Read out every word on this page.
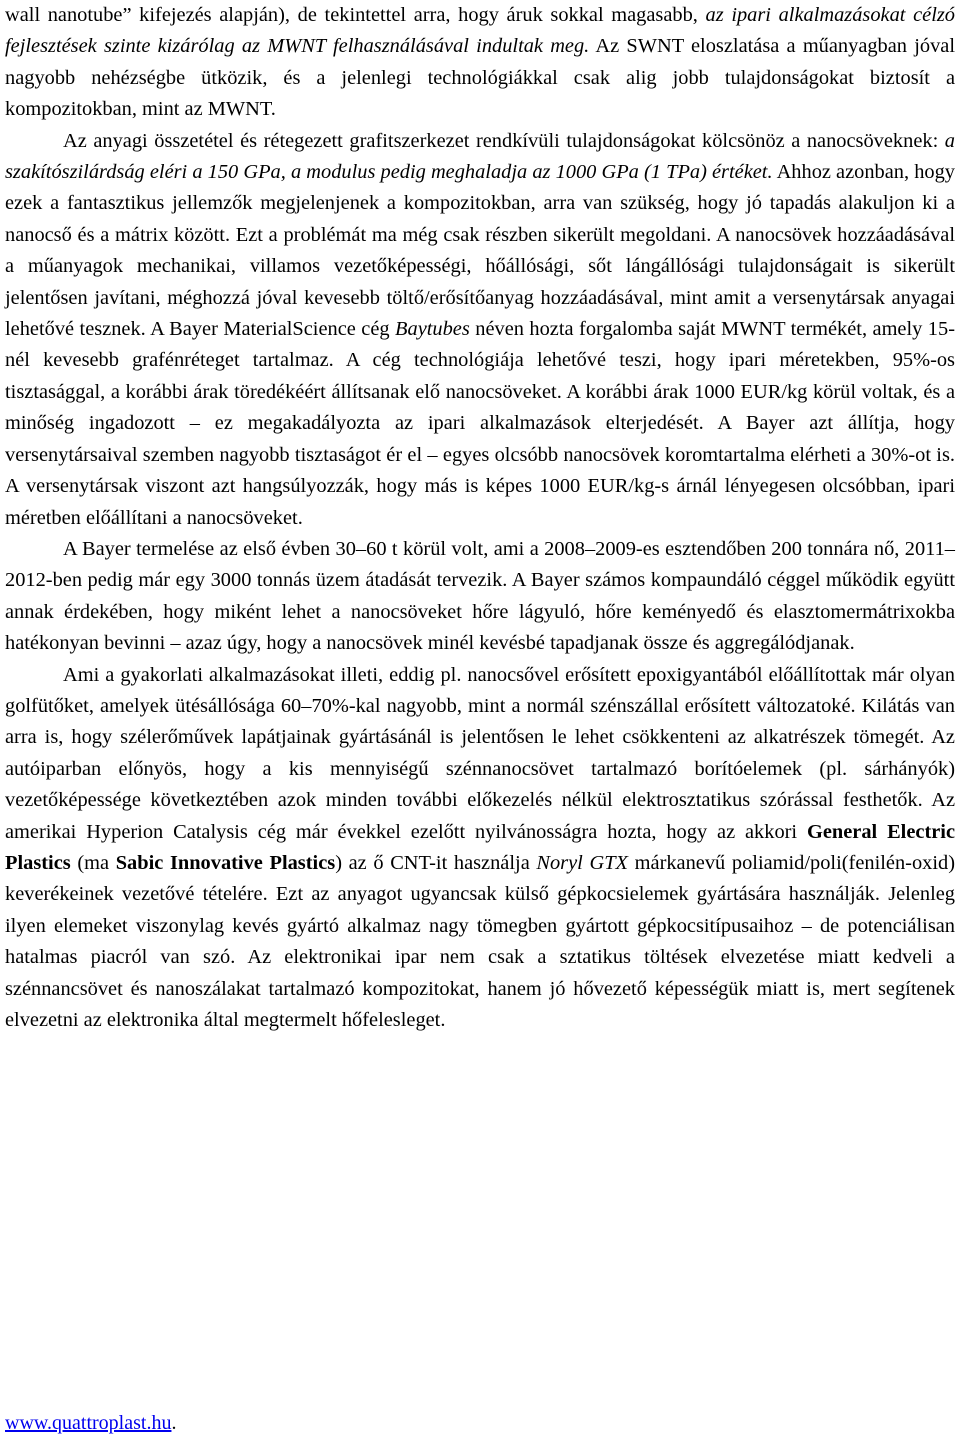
wall nanotube” kifejezés alapján), de tekintettel arra, hogy áruk sokkal magasabb, az ipari alkalmazásokat célzó fejlesztések szinte kizárólag az MWNT felhasználásával indultak meg. Az SWNT eloszlatása a műanyagban jóval nagyobb nehézségbe ütközik, és a jelenlegi technológiákkal csak alig jobb tulajdonságokat biztosít a kompozitokban, mint az MWNT.

Az anyagi összetétel és rétegezett grafitszerkezet rendkívüli tulajdonságokat kölcsönöz a nanocsöveknek: a szakítószilárdság eléri a 150 GPa, a modulus pedig meghaladja az 1000 GPa (1 TPa) értéket. Ahhoz azonban, hogy ezek a fantasztikus jellemzők megjelenjenek a kompozitokban, arra van szükség, hogy jó tapadás alakuljon ki a nanocső és a mátrix között. Ezt a problémát ma még csak részben sikerült megoldani. A nanocsövek hozzáadásával a műanyagok mechanikai, villamos vezetőképességi, hőállósági, sőt lángállósági tulajdonságait is sikerült jelentősen javítani, méghozzá jóval kevesebb töltő/erősítőanyag hozzáadásával, mint amit a versenytársak anyagai lehetővé tesznek. A Bayer MaterialScience cég Baytubes néven hozta forgalomba saját MWNT termékét, amely 15-nél kevesebb grafénréteget tartalmaz. A cég technológiája lehetővé teszi, hogy ipari méretekben, 95%-os tisztasággal, a korábbi árak töredékéért állítsanak elő nanocsöveket. A korábbi árak 1000 EUR/kg körül voltak, és a minőség ingadozott – ez megakadályozta az ipari alkalmazások elterjedését. A Bayer azt állítja, hogy versenytársaival szemben nagyobb tisztaságot ér el – egyes olcsóbb nanocsövek koromtartalma elérheti a 30%-ot is. A versenytársak viszont azt hangsúlyozzák, hogy más is képes 1000 EUR/kg-s árnál lényegesen olcsóbban, ipari méretben előállítani a nanocsöveket.

A Bayer termelése az első évben 30–60 t körül volt, ami a 2008–2009-es esztendőben 200 tonnára nő, 2011–2012-ben pedig már egy 3000 tonnás üzem átadását tervezik. A Bayer számos kompaundáló céggel működik együtt annak érdekében, hogy miként lehet a nanocsöveket hőre lágyuló, hőre keményedő és elasztomermátrixokba hatékonyan bevinni – azaz úgy, hogy a nanocsövek minél kevésbé tapadjanak össze és aggregálódjanak.

Ami a gyakorlati alkalmazásokat illeti, eddig pl. nanocsővel erősített epoxigyantából előállítottak már olyan golfütőket, amelyek ütésállósága 60–70%-kal nagyobb, mint a normál szénszállal erősített változatoké. Kilátás van arra is, hogy szélerőművek lapátjainak gyártásánál is jelentősen le lehet csökkenteni az alkatrészek tömegét. Az autóiparban előnyös, hogy a kis mennyiségű szénnanocsövet tartalmazó borítóelemek (pl. sárhányók) vezetőképessége következtében azok minden további előkezelés nélkül elektrosztatikus szórással festhetők. Az amerikai Hyperion Catalysis cég már évekkel ezelőtt nyilvánosságra hozta, hogy az akkori General Electric Plastics (ma Sabic Innovative Plastics) az ő CNT-it használja Noryl GTX márkanevű poliamid/poli(fenilén-oxid) keverékeinek vezetővé tételére. Ezt az anyagot ugyancsak külső gépkocsielemek gyártására használják. Jelenleg ilyen elemeket viszonylag kevés gyártó alkalmaz nagy tömegben gyártott gépkocsitípusaihoz – de potenciálisan hatalmas piacról van szó. Az elektronikai ipar nem csak a sztatikus töltések elvezetése miatt kedveli a szénnancsövet és nanoszálakat tartalmazó kompozitokat, hanem jó hővezető képességük miatt is, mert segítenek elvezetni az elektronika által megtermelt hőfelesleget.

www.quattroplast.hu.
